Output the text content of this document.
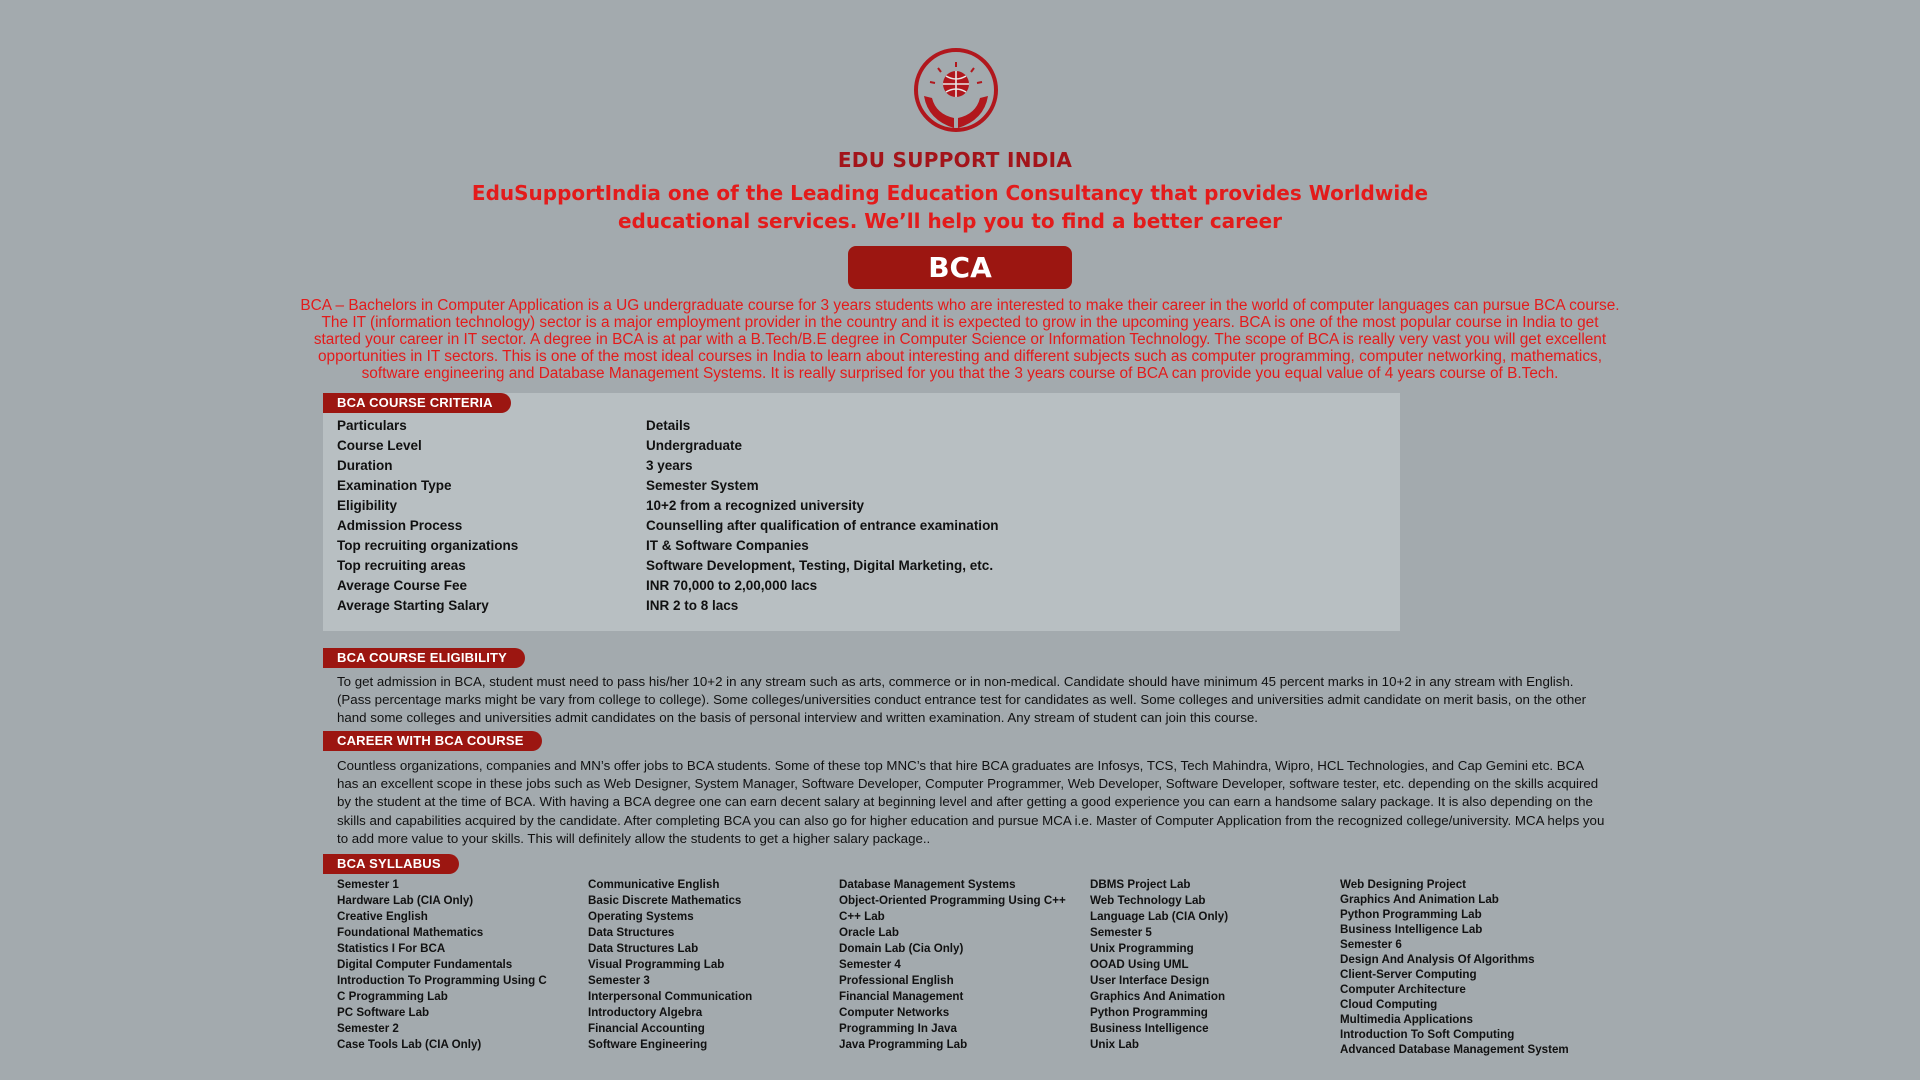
EDU SUPPORT INDIA
EduSupportIndia one of the Leading Education Consultancy that provides Worldwide
educational services. We’ll help you to find a better career
BCA
BCA – Bachelors in Computer Application is a UG undergraduate course for 3 years students who are interested to make their career in the world of computer languages can pursue BCA course. The IT (information technology) sector is a major employment provider in the country and it is expected to grow in the upcoming years. BCA is one of the most popular course in India to get started your career in IT sector. A degree in BCA is at par with a B.Tech/B.E degree in Computer Science or Information Technology. The scope of BCA is really very vast you will get excellent opportunities in IT sectors. This is one of the most ideal courses in India to learn about interesting and different subjects such as computer programming, computer networking, mathematics, software engineering and Database Management Systems. It is really surprised for you that the 3 years course of BCA can provide you equal value of 4 years course of B.Tech.
BCA COURSE CRITERIA
Particulars	Details
Course Level	Undergraduate
Duration	3 years
Examination Type	Semester System
Eligibility	10+2 from a recognized university
Admission Process	Counselling after qualification of entrance examination
Top recruiting organizations	IT & Software Companies
Top recruiting areas	Software Development, Testing, Digital Marketing, etc.
Average Course Fee	INR 70,000 to 2,00,000 lacs
Average Starting Salary	INR 2 to 8 lacs
BCA COURSE ELIGIBILITY
To get admission in BCA, student must need to pass his/her 10+2 in any stream such as arts, commerce or in non-medical. Candidate should have minimum 45 percent marks in 10+2 in any stream with English. (Pass percentage marks might be vary from college to college). Some colleges/universities conduct entrance test for candidates as well. Some colleges and universities admit candidate on merit basis, on the other hand some colleges and universities admit candidates on the basis of personal interview and written examination. Any stream of student can join this course.
CAREER WITH BCA COURSE
Countless organizations, companies and MN’s offer jobs to BCA students. Some of these top MNC’s that hire BCA graduates are Infosys, TCS, Tech Mahindra, Wipro, HCL Technologies, and Cap Gemini etc. BCA has an excellent scope in these jobs such as Web Designer, System Manager, Software Developer, Computer Programmer, Web Developer, Software Developer, software tester, etc. depending on the skills acquired by the student at the time of BCA. With having a BCA degree one can earn decent salary at beginning level and after getting a good experience you can earn a handsome salary package. It is also depending on the skills and capabilities acquired by the candidate. After completing BCA you can also go for higher education and pursue MCA i.e. Master of Computer Application from the recognized college/university. MCA helps you to add more value to your skills. This will definitely allow the students to get a higher salary package..
BCA SYLLABUS
Semester 1
Hardware Lab (CIA Only)
Creative English
Foundational Mathematics
Statistics I For BCA
Digital Computer Fundamentals
Introduction To Programming Using C
C Programming Lab
PC Software Lab
Semester 2
Case Tools Lab (CIA Only)
Communicative English
Basic Discrete Mathematics
Operating Systems
Data Structures
Data Structures Lab
Visual Programming Lab
Semester 3
Interpersonal Communication
Introductory Algebra
Financial Accounting
Software Engineering
Database Management Systems
Object-Oriented Programming Using C++
C++ Lab
Oracle Lab
Domain Lab (Cia Only)
Semester 4
Professional English
Financial Management
Computer Networks
Programming In Java
Java Programming Lab
DBMS Project Lab
Web Technology Lab
Language Lab (CIA Only)
Semester 5
Unix Programming
OOAD Using UML
User Interface Design
Graphics And Animation
Python Programming
Business Intelligence
Unix Lab
Web Designing Project
Graphics And Animation Lab
Python Programming Lab
Business Intelligence Lab
Semester 6
Design And Analysis Of Algorithms
Client-Server Computing
Computer Architecture
Cloud Computing
Multimedia Applications
Introduction To Soft Computing
Advanced Database Management System
